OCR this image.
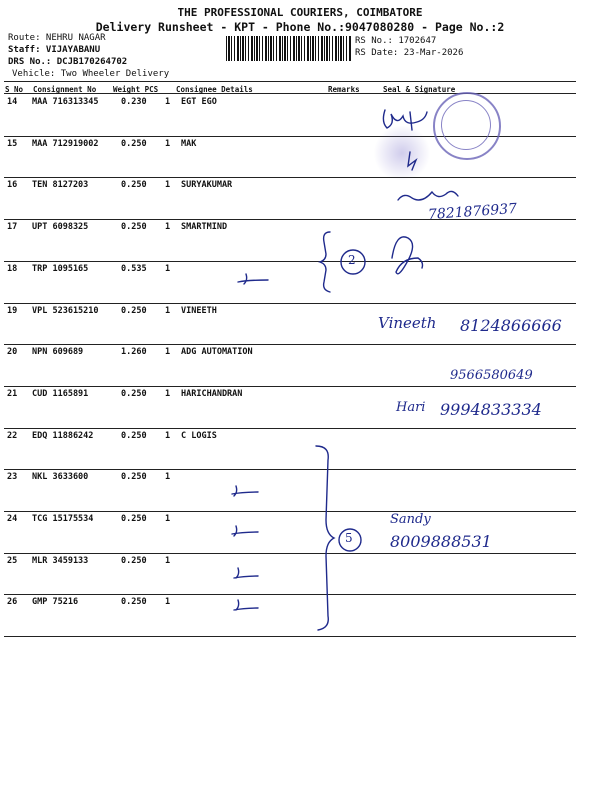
THE PROFESSIONAL COURIERS, COIMBATORE
Delivery Runsheet - KPT - Phone No.:9047080280 - Page No.:2
Route: NEHRU NAGAR
Staff: VIJAYABANU
DRS No.: DCJB170264702
Vehicle: Two Wheeler Delivery
RS No.: 1702647
RS Date: 23-Mar-2026
S No Consignment No Weight PCS Consignee Details	Remarks	Seal & Signature
14 MAA 716313345	0.230 1 EGT EGO
15 MAA 712919002	0.250 1 MAK
16 TEN 8127203	0.250 1 SURYAKUMAR
17 UPT 6098325	0.250 1 SMARTMIND
18 TRP 1095165	0.535 1
19 VPL 523615210	0.250 1 VINEETH
20 NPN 609689	1.260 1 ADG AUTOMATION
21 CUD 1165891	0.250 1 HARICHANDRAN
22 EDQ 11886242	0.250 1 C LOGIS
23 NKL 3633600	0.250 1
24 TCG 15175534	0.250 1
25 MLR 3459133	0.250 1
26 GMP 75216	0.250 1
7821876937
Vineeth 8124866666
9566580649
Hari 9994833334
Sandy
8009888531
2
5
